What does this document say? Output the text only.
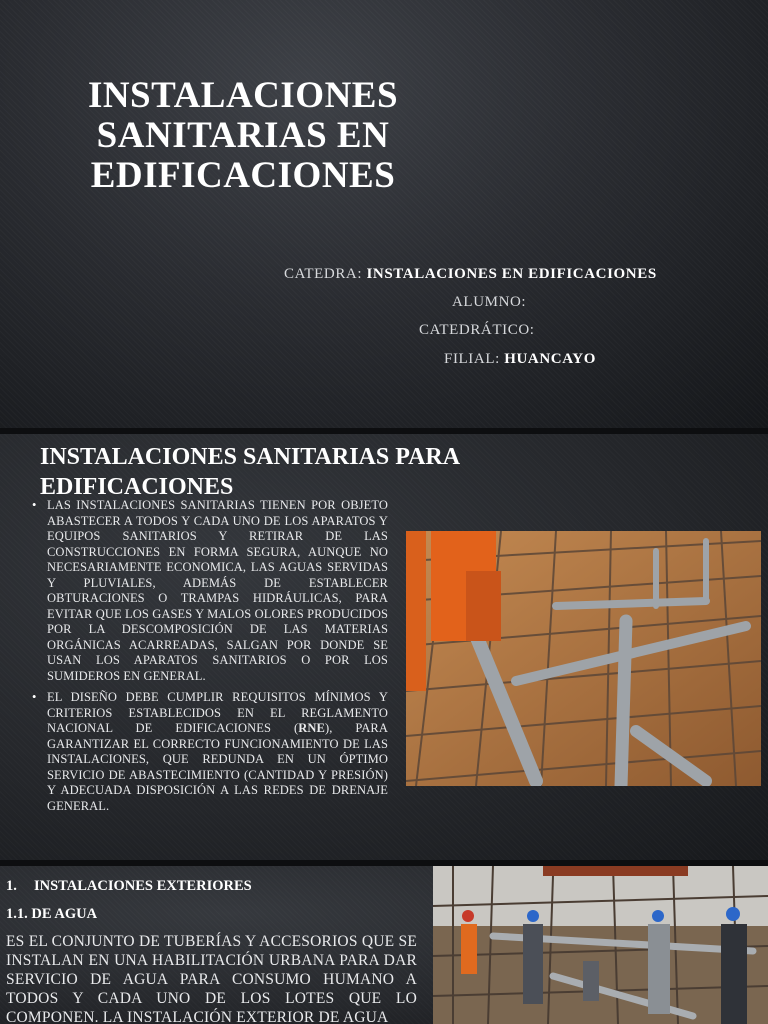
INSTALACIONES
SANITARIAS EN
EDIFICACIONES
CATEDRA: INSTALACIONES EN EDIFICACIONES
ALUMNO:
CATEDRÁTICO:
FILIAL: HUANCAYO
INSTALACIONES SANITARIAS PARA
EDIFICACIONES
• LAS INSTALACIONES SANITARIAS TIENEN POR OBJETO ABASTECER A TODOS Y CADA UNO DE LOS APARATOS Y EQUIPOS SANITARIOS Y RETIRAR DE LAS CONSTRUCCIONES EN FORMA SEGURA, AUNQUE NO NECESARIAMENTE ECONOMICA, LAS AGUAS SERVIDAS Y PLUVIALES, ADEMÁS DE ESTABLECER OBTURACIONES O TRAMPAS HIDRÁULICAS, PARA EVITAR QUE LOS GASES Y MALOS OLORES PRODUCIDOS POR LA DESCOMPOSICIÓN DE LAS MATERIAS ORGÁNICAS ACARREADAS, SALGAN POR DONDE SE USAN LOS APARATOS SANITARIOS O POR LOS SUMIDEROS EN GENERAL.
• EL DISEÑO DEBE CUMPLIR REQUISITOS MÍNIMOS Y CRITERIOS ESTABLECIDOS EN EL REGLAMENTO NACIONAL DE EDIFICACIONES (RNE), PARA GARANTIZAR EL CORRECTO FUNCIONAMIENTO DE LAS INSTALACIONES, QUE REDUNDA EN UN ÓPTIMO SERVICIO DE ABASTECIMIENTO (CANTIDAD Y PRESIÓN) Y ADECUADA DISPOSICIÓN A LAS REDES DE DRENAJE GENERAL.
1. INSTALACIONES EXTERIORES
1.1. DE AGUA
ES EL CONJUNTO DE TUBERÍAS Y ACCESORIOS QUE SE INSTALAN EN UNA HABILITACIÓN URBANA PARA DAR SERVICIO DE AGUA PARA CONSUMO HUMANO A TODOS Y CADA UNO DE LOS LOTES QUE LO COMPONEN. LA INSTALACIÓN EXTERIOR DE AGUA
